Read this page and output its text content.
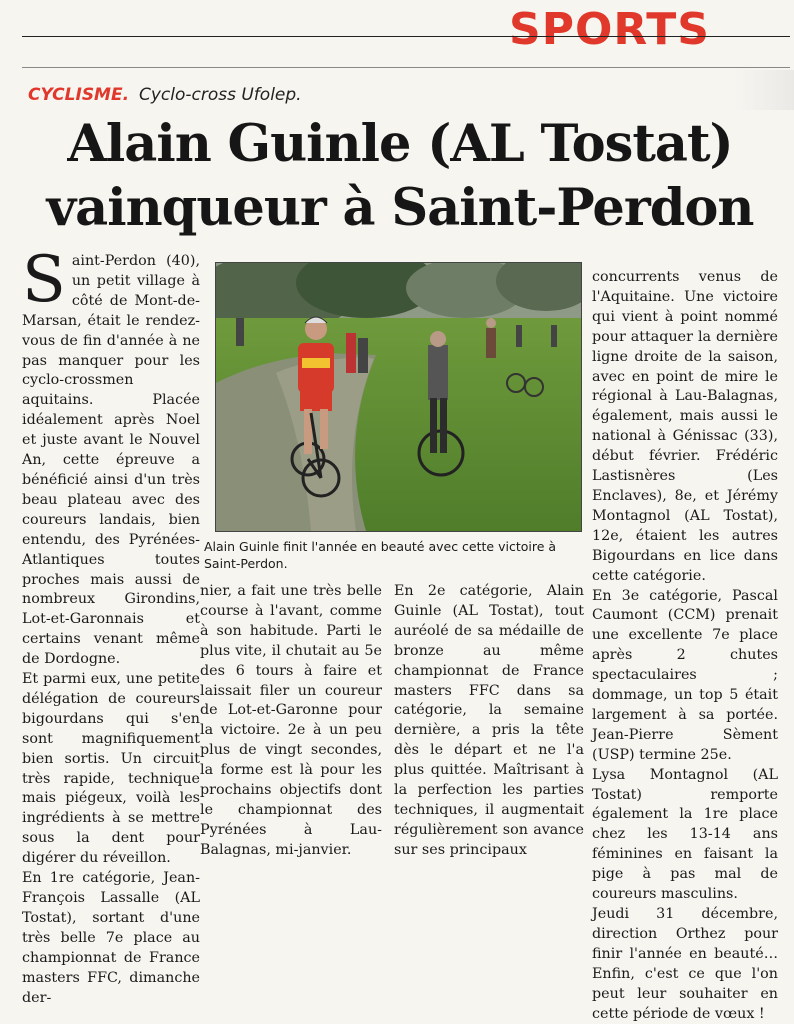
SPORTS
CYCLISME. Cyclo-cross Ufolep.
Alain Guinle (AL Tostat)
vainqueur à Saint-Perdon

Saint-Perdon (40), un petit village à côté de Mont-de-Marsan, était le rendez-vous de fin d'année à ne pas manquer pour les cyclo-crossmen aquitains. Placée idéalement après Noel et juste avant le Nouvel An, cette épreuve a bénéficié ainsi d'un très beau plateau avec des coureurs landais, bien entendu, des Pyrénées-Atlantiques toutes proches mais aussi de nombreux Girondins, Lot-et-Garonnais et certains venant même de Dordogne.

Et parmi eux, une petite délégation de coureurs bigourdans qui s'en sont magnifiquement bien sortis. Un circuit très rapide, technique mais piégeux, voilà les ingrédients à se mettre sous la dent pour digérer du réveillon.

En 1re catégorie, Jean-François Lassalle (AL Tostat), sortant d'une très belle 7e place au championnat de France masters FFC, dimanche der-

Alain Guinle finit l'année en beauté avec cette victoire à Saint-Perdon.

nier, a fait une très belle course à l'avant, comme à son habitude. Parti le plus vite, il chutait au 5e des 6 tours à faire et laissait filer un coureur de Lot-et-Garonne pour la victoire. 2e à un peu plus de vingt secondes, la forme est là pour les prochains objectifs dont le championnat des Pyrénées à Lau-Balagnas, mi-janvier.

En 2e catégorie, Alain Guinle (AL Tostat), tout auréolé de sa médaille de bronze au même championnat de France masters FFC dans sa catégorie, la semaine dernière, a pris la tête dès le départ et ne l'a plus quittée. Maîtrisant à la perfection les parties techniques, il augmentait régulièrement son avance sur ses principaux

concurrents venus de l'Aquitaine. Une victoire qui vient à point nommé pour attaquer la dernière ligne droite de la saison, avec en point de mire le régional à Lau-Balagnas, également, mais aussi le national à Génissac (33), début février. Frédéric Lastisnères (Les Enclaves), 8e, et Jérémy Montagnol (AL Tostat), 12e, étaient les autres Bigourdans en lice dans cette catégorie.

En 3e catégorie, Pascal Caumont (CCM) prenait une excellente 7e place après 2 chutes spectaculaires ; dommage, un top 5 était largement à sa portée. Jean-Pierre Sèment (USP) termine 25e.

Lysa Montagnol (AL Tostat) remporte également la 1re place chez les 13-14 ans féminines en faisant la pige à pas mal de coureurs masculins.

Jeudi 31 décembre, direction Orthez pour finir l'année en beauté… Enfin, c'est ce que l'on peut leur souhaiter en cette période de vœux !
